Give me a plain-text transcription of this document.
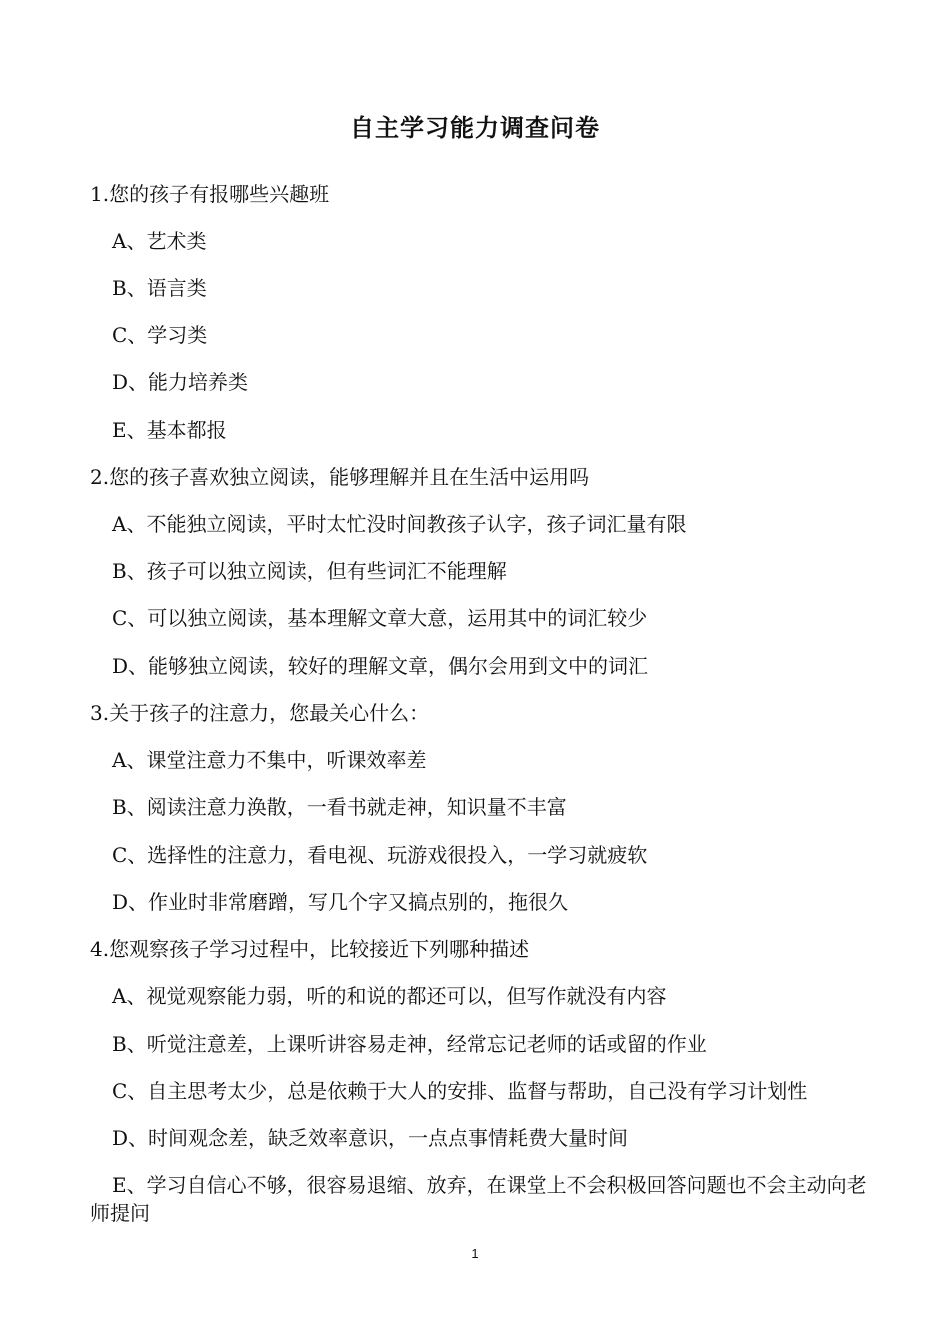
自主学习能力调查问卷
1.您的孩子有报哪些兴趣班
A、艺术类
B、语言类
C、学习类
D、能力培养类
E、基本都报
2.您的孩子喜欢独立阅读，能够理解并且在生活中运用吗
A、不能独立阅读，平时太忙没时间教孩子认字，孩子词汇量有限
B、孩子可以独立阅读，但有些词汇不能理解
C、可以独立阅读，基本理解文章大意，运用其中的词汇较少
D、能够独立阅读，较好的理解文章，偶尔会用到文中的词汇
3.关于孩子的注意力，您最关心什么：
A、课堂注意力不集中，听课效率差
B、阅读注意力涣散，一看书就走神，知识量不丰富
C、选择性的注意力，看电视、玩游戏很投入，一学习就疲软
D、作业时非常磨蹭，写几个字又搞点别的，拖很久
4.您观察孩子学习过程中，比较接近下列哪种描述
A、视觉观察能力弱，听的和说的都还可以，但写作就没有内容
B、听觉注意差，上课听讲容易走神，经常忘记老师的话或留的作业
C、自主思考太少，总是依赖于大人的安排、监督与帮助，自己没有学习计划性
D、时间观念差，缺乏效率意识，一点点事情耗费大量时间
E、学习自信心不够，很容易退缩、放弃，在课堂上不会积极回答问题也不会主动向老师提问
1
